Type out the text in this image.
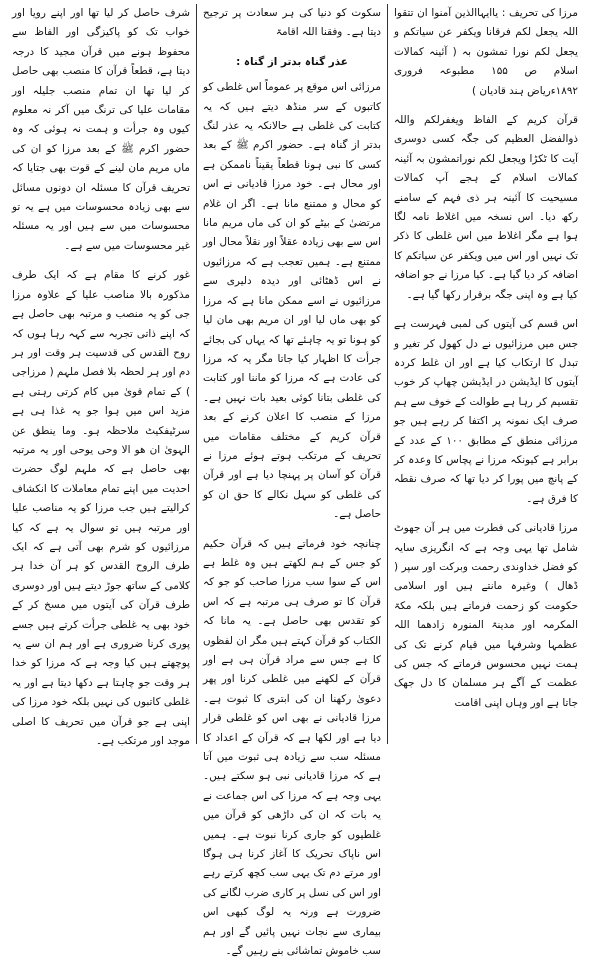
مرزا کی تحریف : یاایہاالذین آمنوا ان تتقوا اللہ یجعل لکم فرقانا ویکفر عن سیاتکم و یجعل لکم نورا تمشون بہ ( آئینہ کمالات اسلام ص ۱۵۵ مطبوعہ فروری ۱۸۹۲ءریاض ہند قادیان )

قرآن کریم کے الفاظ ویغفرلکم واللہ ذوالفضل العظیم کی جگہ کسی دوسری آیت کا ٹکڑا ویجعل لکم نوراتمشون بہ آئینہ کمالات اسلام کے ہجے آپ کمالات مسیحیت کا آئینہ ہر ذی فہم کے سامنے رکھ دیا۔ اس نسخہ میں اغلاط نامہ لگا ہوا ہے مگر اغلاط میں اس غلطی کا ذکر تک نہیں اور اس میں ویکفر عن سیاتکم کا اضافہ کر دیا گیا ہے۔ کیا مرزا نے جو اضافہ کیا ہے وہ اپنی جگہ برقرار رکھا گیا ہے۔

اس قسم کی آیتوں کی لمبی فہرست ہے جس میں مرزائیوں نے دل کھول کر تغیر و تبدل کا ارتکاب کیا ہے اور ان غلط کردہ آیتوں کا ایڈیشن در ایڈیشن چھاپ کر خوب تقسیم کر رہا ہے طوالت کے خوف سے ہم صرف ایک نمونہ پر اکتفا کر رہے ہیں جو مرزائی منطق کے مطابق ۱۰۰ کے عدد کے برابر ہے کیونکہ مرزا نے پچاس کا وعدہ کر کے پانچ میں پورا کر دیا تھا کہ صرف نقطہ کا فرق ہے۔

مرزا قادیانی کی فطرت میں ہر آن جھوٹ شامل تھا یہی وجہ ہے کہ انگریزی سایہ کو فضل خداوندی رحمت وبرکت اور سپر ( ڈھال ) وغیرہ مانتے ہیں اور اسلامی حکومت کو زحمت فرماتے ہیں بلکہ مکۃ المکرمہ اور مدینۃ المنورہ زادھما اللہ عظمہا وشرفہا میں قیام کرنے تک کی ہمت نہیں محسوس فرماتے کہ جس کی عظمت کے آگے ہر مسلمان کا دل جھک جاتا ہے اور وہاں اپنی اقامت

سکوت کو دنیا کی ہر سعادت پر ترجیح دیتا ہے۔ وفقنا اللہ اقامۃ

عذر گناہ بدتر از گناہ :

مرزائی اس موقع پر عموماً اس غلطی کو کاتبوں کے سر منڈھ دیتے ہیں کہ یہ کتابت کی غلطی ہے حالانکہ یہ عذر لنگ بدتر از گناہ ہے۔ حضور اکرم ﷺ کے بعد کسی کا نبی ہونا قطعاً یقیناً ناممکن ہے اور محال ہے۔ خود مرزا قادیانی نے اس کو محال و ممتنع مانا ہے۔ اگر ان غلام مرتضیٰ کے بیٹے کو ان کی ماں مریم مانا اس سے بھی زیادہ عقلاً اور نقلاً محال اور ممتنع ہے۔ ہمیں تعجب ہے کہ مرزائیوں نے اس ڈھٹائی اور دیدہ دلیری سے مرزائیوں نے اسے ممکن مانا ہے کہ مرزا کو بھی ماں لیا اور ان مریم بھی مان لیا کو ہونا تو یہ چاہئے تھا کہ یہاں کی بجائے جرأت کا اظہار کیا جاتا مگر یہ کہ مرزا کی عادت ہے کہ مرزا کو ماننا اور کتابت کی غلطی بتانا کوئی بعید بات نہیں ہے۔ مرزا کے منصب کا اعلان کرنے کے بعد قرآن کریم کے مختلف مقامات میں تحریف کے مرتکب ہوتے ہوئے مرزا نے قرآن کو آسان پر پہنچا دیا ہے اور قرآن کی غلطی کو سہل نکالے کا حق ان کو حاصل ہے۔

چنانچہ خود فرماتے ہیں کہ قرآن حکیم کو جس کے ہم لکھتے ہیں وہ غلط ہے اس کے سوا سب مرزا صاحب کو جو کہ قرآن کا تو صرف ہی مرتبہ ہے کہ اس کو تقدس بھی حاصل ہے۔ یہ مانا کہ الکتاب کو قرآن کہتے ہیں مگر ان لفظوں کا ہے جس سے مراد قرآن ہی ہے اور قرآن کے لکھنے میں غلطی کرنا اور پھر دعویٰ رکھنا ان کی ابتری کا ثبوت ہے۔ مرزا قادیانی نے بھی اس کو غلطی قرار دیا ہے اور لکھا ہے کہ قرآن کے اعداد کا مسئلہ سب سے زیادہ ہی ثبوت میں آتا ہے کہ مرزا قادیانی نبی ہو سکتے ہیں۔ یہی وجہ ہے کہ مرزا کی اس جماعت نے یہ بات کہ ان کی داڑھی کو قرآن میں غلطیوں کو جاری کرنا نبوت ہے۔ ہمیں اس ناپاک تحریک کا آغاز کرنا ہی ہوگا اور مرتے دم تک یہی سب کچھ کرتے رہے اور اس کی نسل پر کاری ضرب لگانے کی ضرورت ہے ورنہ یہ لوگ کبھی اس بیماری سے نجات نہیں پائیں گے اور ہم سب خاموش تماشائی بنے رہیں گے۔

شرف حاصل کر لیا تھا اور اپنے رویا اور خواب تک کو پاکیزگی اور الفاظ سے محفوظ ہونے میں قرآن مجید کا درجہ دیتا ہے، قطعاً قرآن کا منصب بھی حاصل کر لیا تھا ان تمام منصب جلیلہ اور مقامات علیا کی ترنگ میں آکر نہ معلوم کیوں وہ جرأت و ہمت نہ ہوئی کہ وہ حضور اکرم ﷺ کے بعد مرزا کو ان کی ماں مریم مان لینے کے قوت بھی جتایا کہ تحریف قرآن کا مسئلہ ان دونوں مسائل سے بھی زیادہ محسوسات میں ہے یہ تو محسوسات میں سے ہیں اور یہ مسئلہ غیر محسوسات میں سے ہے۔

غور کرنے کا مقام ہے کہ ایک طرف مذکورہ بالا مناصب علیا کے علاوہ مرزا جی کو یہ منصب و مرتبہ بھی حاصل ہے کہ اپنے ذاتی تجربہ سے کہہ رہا ہوں کہ روح القدس کی قدسیت ہر وقت اور ہر دم اور ہر لحظہ بلا فصل ملہم ( مرزاجی ) کے تمام قویٰ میں کام کرتی رہتی ہے مزید اس میں ہوا جو یہ غذا ہی ہے سرٹیفکیٹ ملاحظہ ہو۔ وما ینطق عن الہویٰ ان ھو الا وحی یوحی اور یہ مرتبہ بھی حاصل ہے کہ ملہم لوگ حضرت احدیت میں اپنے تمام معاملات کا انکشاف کرالیتے ہیں جب مرزا کو یہ مناصب علیا اور مرتبہ ہیں تو سوال یہ ہے کہ کیا مرزائیوں کو شرم بھی آتی ہے کہ ایک طرف الروح القدس کو ہر آن خدا ہر کلامی کے ساتھ جوڑ دیتے ہیں اور دوسری طرف قرآن کی آیتوں میں مسخ کر کے خود بھی یہ غلطی جرأت کرتے ہیں جسے پوری کرنا ضروری ہے اور ہم ان سے یہ پوچھتے ہیں کیا وجہ ہے کہ مرزا کو خدا ہر وقت جو چاہتا ہے دکھا دیتا ہے اور یہ غلطی کاتبوں کی نہیں بلکہ خود مرزا کی اپنی ہے جو قرآن میں تحریف کا اصلی موجد اور مرتکب ہے۔
